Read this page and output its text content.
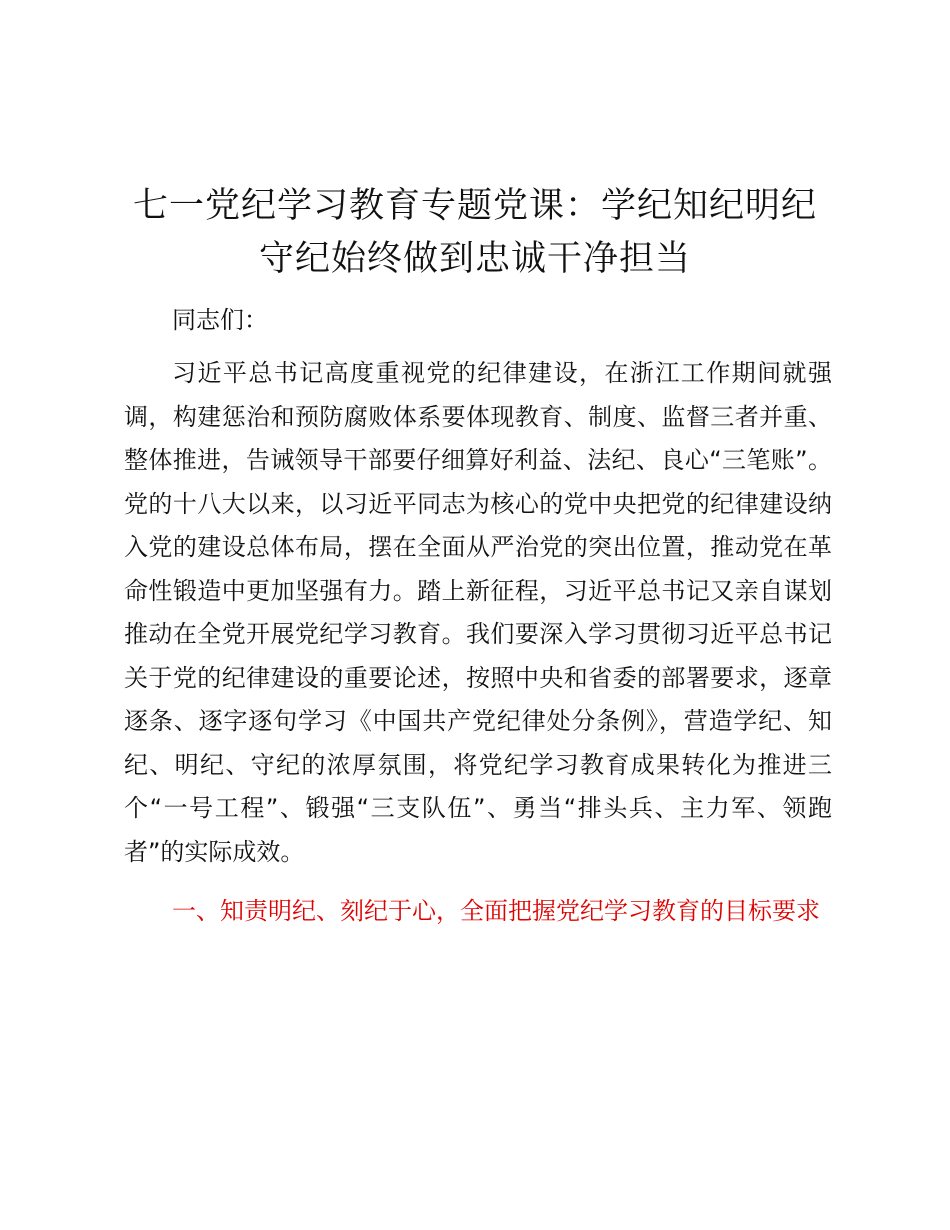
七一党纪学习教育专题党课：学纪知纪明纪守纪始终做到忠诚干净担当

同志们：

习近平总书记高度重视党的纪律建设，在浙江工作期间就强调，构建惩治和预防腐败体系要体现教育、制度、监督三者并重、整体推进，告诫领导干部要仔细算好利益、法纪、良心“三笔账”。党的十八大以来，以习近平同志为核心的党中央把党的纪律建设纳入党的建设总体布局，摆在全面从严治党的突出位置，推动党在革命性锻造中更加坚强有力。踏上新征程，习近平总书记又亲自谋划推动在全党开展党纪学习教育。我们要深入学习贯彻习近平总书记关于党的纪律建设的重要论述，按照中央和省委的部署要求，逐章逐条、逐字逐句学习《中国共产党纪律处分条例》，营造学纪、知纪、明纪、守纪的浓厚氛围，将党纪学习教育成果转化为推进三个“一号工程”、锻强“三支队伍”、勇当“排头兵、主力军、领跑者”的实际成效。

一、知责明纪、刻纪于心，全面把握党纪学习教育的目标要求
